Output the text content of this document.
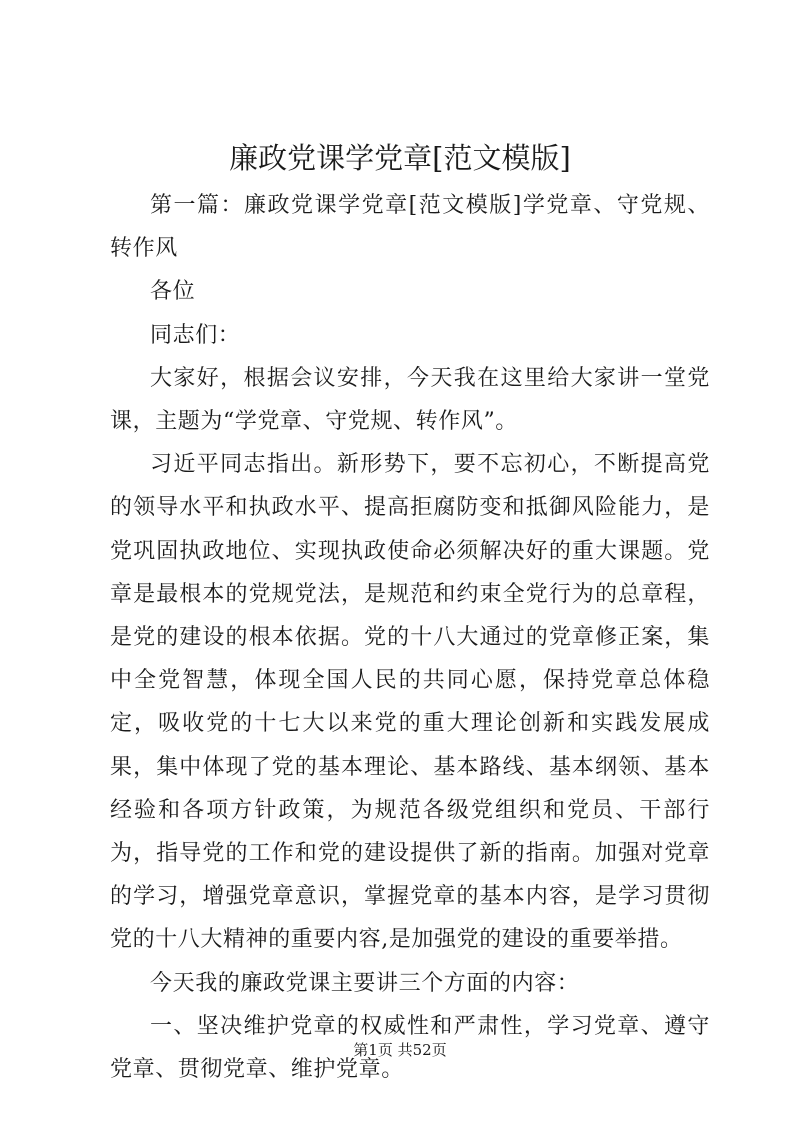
廉政党课学党章[范文模版]

第一篇：廉政党课学党章[范文模版]学党章、守党规、转作风

各位

同志们：

大家好，根据会议安排，今天我在这里给大家讲一堂党课，主题为“学党章、守党规、转作风”。

习近平同志指出。新形势下，要不忘初心，不断提高党的领导水平和执政水平、提高拒腐防变和抵御风险能力，是党巩固执政地位、实现执政使命必须解决好的重大课题。党章是最根本的党规党法，是规范和约束全党行为的总章程，是党的建设的根本依据。党的十八大通过的党章修正案，集中全党智慧，体现全国人民的共同心愿，保持党章总体稳定，吸收党的十七大以来党的重大理论创新和实践发展成果，集中体现了党的基本理论、基本路线、基本纲领、基本经验和各项方针政策，为规范各级党组织和党员、干部行为，指导党的工作和党的建设提供了新的指南。加强对党章的学习，增强党章意识，掌握党章的基本内容，是学习贯彻党的十八大精神的重要内容,是加强党的建设的重要举措。

今天我的廉政党课主要讲三个方面的内容：

一、坚决维护党章的权威性和严肃性，学习党章、遵守党章、贯彻党章、维护党章。

第1页 共52页
